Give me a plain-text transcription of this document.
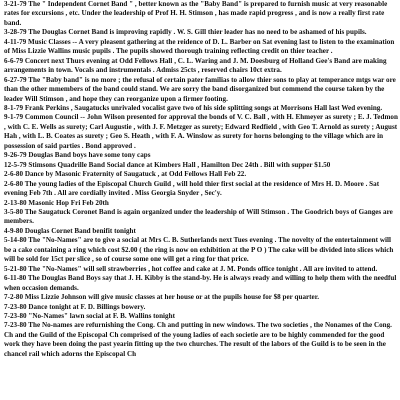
3-21-79 The " Independent Cornet Band " , better known as the "Baby Band" is prepared to furnish music at very reasonable rates for excursions , etc. Under the leadership of Prof H. H. Stimson , has made rapid progress , and is now a really first rate band.

3-28-79 The Douglas Cornet Band is improving rapidly . W. S. Gill thier leader has no need to be ashamed of his pupils.

4-11-79 Music Classes -- A very pleasent gathering at the reidence of D. L. Barber on Sat evening last to listen to the examination of Miss Lizzie Wallins music pupils . The pupils showed thorough training reflecting credit on thier teacher .

6-6-79 Concert next Thurs evening at Odd Fellows Hall , C. L. Waring and J. M. Doesburg of Holland Gee's Band are making arrangements in town. Vocals and instrumentals . Admiss 25cts , reserved chairs 10ct extra.

6-27-79 The "Baby band" is no more ; the refusal of certain pater familias to allow thier sons to play at temperance mtgs war ore than the other mmembers of the band could stand. We are sorry the band disorganized but commend the course taken by the leader Will Stimson , and hope they can reorganize upon a firmer footing.

8-1-79 Frank Perkins , Saugatucks unrivaled vocalist gave two of his side splitting songs at Morrisons Hall last Wed evening.

9-1-79 Common Council -- John Wilson presented for approval the bonds of V. C. Ball , with H. Ehmeyer as surety ; E. J. Tedmon , with C. E. Wells as surety; Carl Augustie , with J. F. Metzger as surety; Edward Redfield , with Geo T. Arnold as surety ; August Hah , with L. B. Coates as surety ; Geo S. Heath , with F. A. Winslow as surety for horns belonging to the village which are in possession of said parties . Bond approved .

9-26-79 Douglas Band boys have some tony caps

12-5-79 Stimsons Quadrille Band Social dance at Kimbers Hall , Hamilton Dec 24th . Bill with supper $1.50

2-6-80 Dance by Masonic Fraternity of Saugatuck , at Odd Fellows Hall Feb 22.

2-6-80 The young ladies of the Episcopal Church Guild , will hold thier first social at the residence of Mrs H. D. Moore . Sat evening Feb 7th . All are cordially invited . Miss Georgia Snyder , Sec'y.

2-13-80 Masonic Hop Fri Feb 20th

3-5-80 The Saugatuck Coronet Band is again organized under the leadership of Will Stimson . The Goodrich boys of Ganges are members.

4-9-80 Douglas Cornet Band benifit tonight

5-14-80 The "No-Names" are to give a social at Mrs C. B. Sutherlands next Tues evening . The novelty of the entertainment will be a cake containing a ring which cost $2.00 ( the ring is now on exhibition at the P O ) The cake will be divided into slices which will be sold for 15ct per slice , so of course some one will get a ring for that price.

5-21-80 The "No-Names" will sell strawberries , hot coffee and cake at J. M. Ponds office tonight . All are invited to attend.

6-11-80 The Douglas Band Boys say that J. H. Kibby is the stand-by. He is always ready and willing to help them with the needful when occasion demands.

7-2-80 Miss Lizzie Johnson will give music classes at her house or at the pupils house for $8 per quarter.

7-23-80 Dance tonight at F. D. Billings bowery.

7-23-80 "No-Names" lawn social at F. B. Wallins tonight

7-23-80 The No-names are refurnishing the Cong. Ch and putting in new windows. The two societies , the Nonames of the Cong. Ch and the Guild of the Episcopal Ch comprised of the young ladies of each societie are to be highly commended for the good work they have been doing the past yearin fitting up the two churches. The result of the labors of the Guild is to be seen in the chancel rail which adorns the Episcopal Ch
